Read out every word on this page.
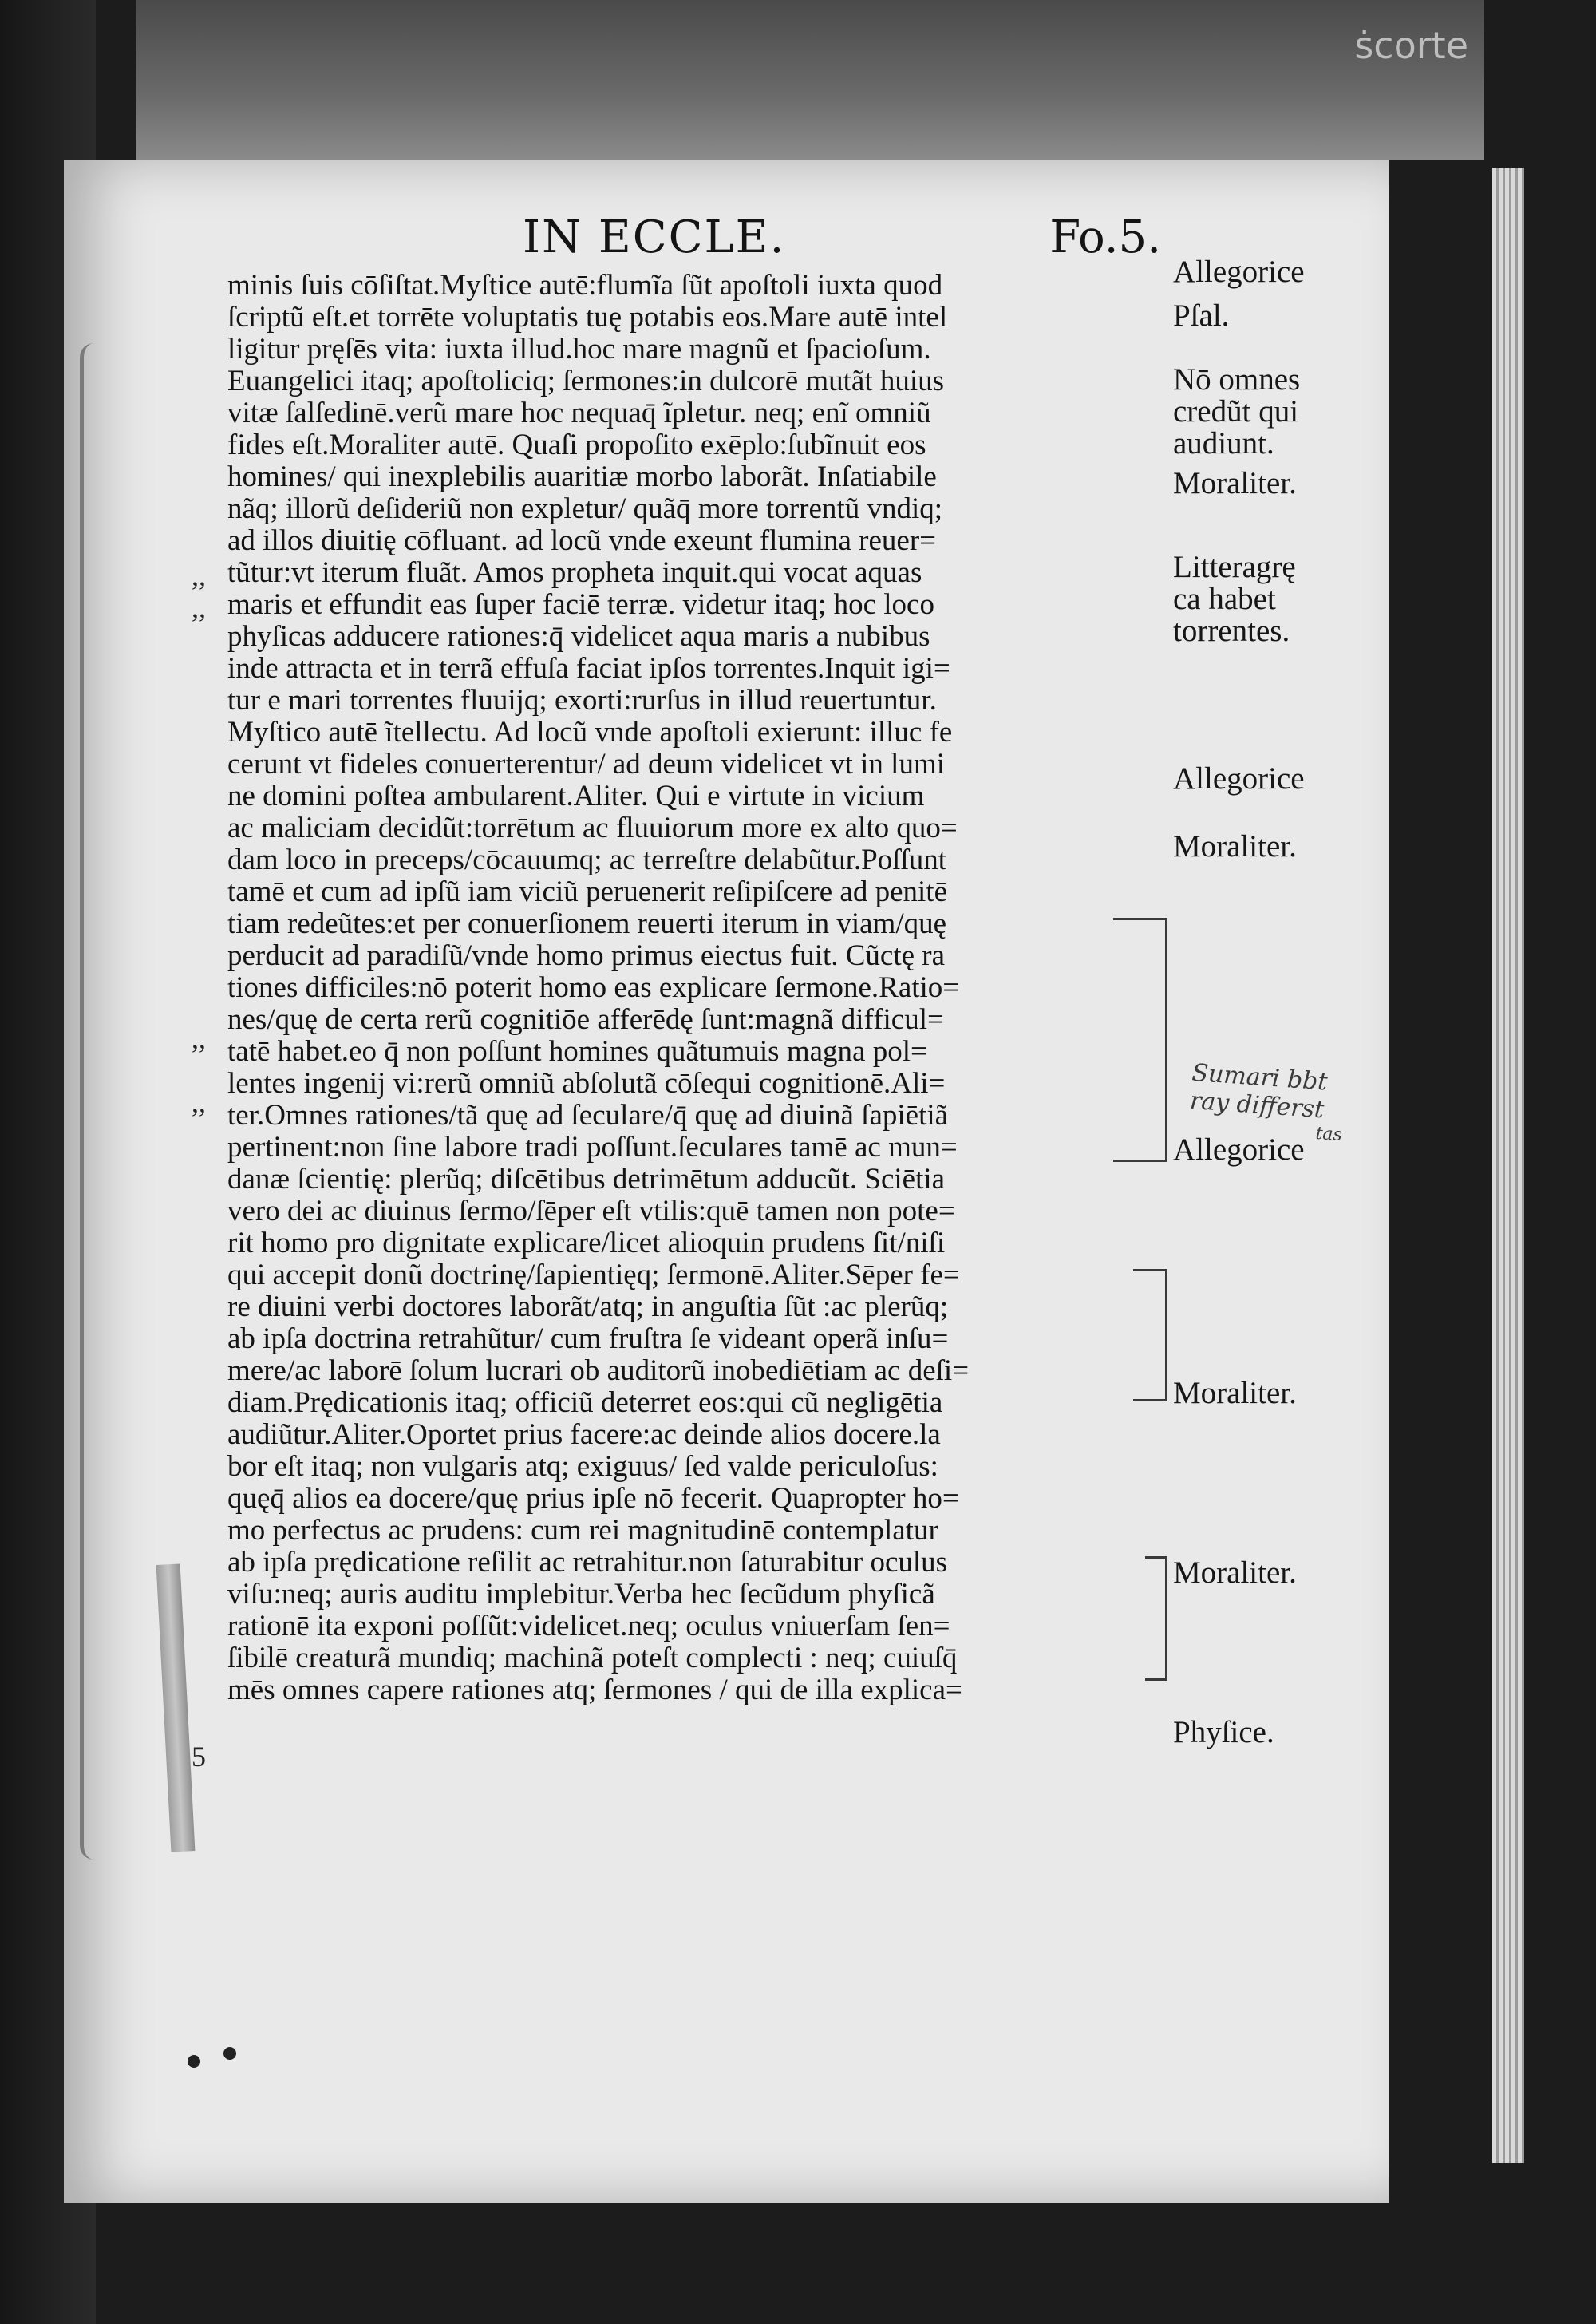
ṡcorte
IN ECCLE.	Fo.5.
,,
,,
,,
,,
5
minis ſuis cōſiſtat.Myſtice autē:flumĩa ſũt apoſtoli iuxta quod
ſcriptũ eſt.et torrēte voluptatis tuę potabis eos.Mare autē intel
ligitur pręſēs vita: iuxta illud.hoc mare magnũ et ſpacioſum.
Euangelici itaq; apoſtoliciq; ſermones:in dulcorē mutãt huius
vitæ ſalſedinē.verũ mare hoc nequaq̄ ĩpletur. neq; enĩ omniũ
fides eſt.Moraliter autē. Quaſi propoſito exēplo:ſubĩnuit eos
homines/ qui inexplebilis auaritiæ morbo laborãt. Inſatiabile
nãq; illorũ deſideriũ non expletur/ quãq̄ more torrentũ vndiq;
ad illos diuitię cōfluant. ad locũ vnde exeunt flumina reuer=
tũtur:vt iterum fluãt. Amos propheta inquit.qui vocat aquas
maris et effundit eas ſuper faciē terræ. videtur itaq; hoc loco
phyſicas adducere rationes:q̄ videlicet aqua maris a nubibus
inde attracta et in terrã effuſa faciat ipſos torrentes.Inquit igi=
tur e mari torrentes fluuijq; exorti:rurſus in illud reuertuntur.
Myſtico autē ĩtellectu. Ad locũ vnde apoſtoli exierunt: illuc fe
cerunt vt fideles conuerterentur/ ad deum videlicet vt in lumi
ne domini poſtea ambularent.Aliter. Qui e virtute in vicium
ac maliciam decidũt:torrētum ac fluuiorum more ex alto quo=
dam loco in preceps/cōcauumq; ac terreſtre delabũtur.Poſſunt
tamē et cum ad ipſũ iam viciũ peruenerit reſipiſcere ad penitē
tiam redeũtes:et per conuerſionem reuerti iterum in viam/quę
perducit ad paradiſũ/vnde homo primus eiectus fuit. Cũctę ra
tiones difficiles:nō poterit homo eas explicare ſermone.Ratio=
nes/quę de certa rerũ cognitiōe afferēdę ſunt:magnã difficul=
tatē habet.eo q̄ non poſſunt homines quãtumuis magna pol=
lentes ingenij vi:rerũ omniũ abſolutã cōſequi cognitionē.Ali=
ter.Omnes rationes/tã quę ad ſeculare/q̄ quę ad diuinã ſapiētiã
pertinent:non ſine labore tradi poſſunt.ſeculares tamē ac mun=
danæ ſcientię: plerũq; diſcētibus detrimētum adducũt. Sciētia
vero dei ac diuinus ſermo/ſēper eſt vtilis:quē tamen non pote=
rit homo pro dignitate explicare/licet alioquin prudens ſit/niſi
qui accepit donũ doctrinę/ſapientięq; ſermonē.Aliter.Sēper fe=
re diuini verbi doctores laborãt/atq; in anguſtia ſũt :ac plerũq;
ab ipſa doctrina retrahũtur/ cum fruſtra ſe videant operã inſu=
mere/ac laborē ſolum lucrari ob auditorũ inobediētiam ac deſi=
diam.Prędicationis itaq; officiũ deterret eos:qui cũ negligētia
audiũtur.Aliter.Oportet prius facere:ac deinde alios docere.la
bor eſt itaq; non vulgaris atq; exiguus/ ſed valde periculoſus:
quęq̄ alios ea docere/quę prius ipſe nō fecerit. Quapropter ho=
mo perfectus ac prudens: cum rei magnitudinē contemplatur
ab ipſa prędicatione reſilit ac retrahitur.non ſaturabitur oculus
viſu:neq; auris auditu implebitur.Verba hec ſecũdum phyſicã
rationē ita exponi poſſũt:videlicet.neq; oculus vniuerſam ſen=
ſibilē creaturã mundiq; machinã poteſt complecti : neq; cuiuſq̄
mēs omnes capere rationes atq; ſermones / qui de illa explica=
Allegorice
Pſal.
Nō omnes
credũt qui
audiunt.
Moraliter.
Litteragrę
ca habet
torrentes.
Allegorice
Moraliter.
Allegorice
Moraliter.
Moraliter.
Phyſice.
Sumari bbt
ray differst
tas
